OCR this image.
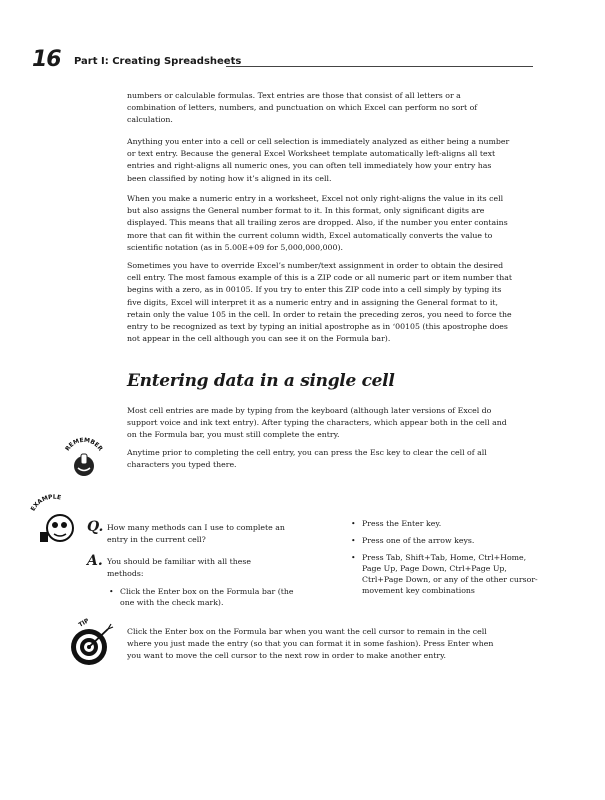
16 Part I: Creating Spreadsheets

numbers or calculable formulas. Text entries are those that consist of all letters or a combination of letters, numbers, and punctuation on which Excel can perform no sort of calculation.

Anything you enter into a cell or cell selection is immediately analyzed as either being a number or text entry. Because the general Excel Worksheet template automatically left-aligns all text entries and right-aligns all numeric ones, you can often tell immediately how your entry has been classified by noting how it’s aligned in its cell.

When you make a numeric entry in a worksheet, Excel not only right-aligns the value in its cell but also assigns the General number format to it. In this format, only significant digits are displayed. This means that all trailing zeros are dropped. Also, if the number you enter contains more that can fit within the current column width, Excel automatically converts the value to scientific notation (as in 5.00E+09 for 5,000,000,000).

Sometimes you have to override Excel’s number/text assignment in order to obtain the desired cell entry. The most famous example of this is a ZIP code or all numeric part or item number that begins with a zero, as in 00105. If you try to enter this ZIP code into a cell simply by typing its five digits, Excel will interpret it as a numeric entry and in assigning the General format to it, retain only the value 105 in the cell. In order to retain the preceding zeros, you need to force the entry to be recognized as text by typing an initial apostrophe as in ‘00105 (this apostrophe does not appear in the cell although you can see it on the Formula bar).

Entering data in a single cell

Most cell entries are made by typing from the keyboard (although later versions of Excel do support voice and ink text entry). After typing the characters, which appear both in the cell and on the Formula bar, you must still complete the entry.

REMEMBER	Anytime prior to completing the cell entry, you can press the Esc key to clear the cell of all characters you typed there.

EXAMPLE
Q. How many methods can I use to complete an entry in the current cell?

A. You should be familiar with all these methods:

• Click the Enter box on the Formula bar (the one with the check mark).
• Press the Enter key.
• Press one of the arrow keys.
• Press Tab, Shift+Tab, Home, Ctrl+Home, Page Up, Page Down, Ctrl+Page Up, Ctrl+Page Down, or any of the other cursor-movement key combinations
TIP

Click the Enter box on the Formula bar when you want the cell cursor to remain in the cell where you just made the entry (so that you can format it in some fashion). Press Enter when you want to move the cell cursor to the next row in order to make another entry.
